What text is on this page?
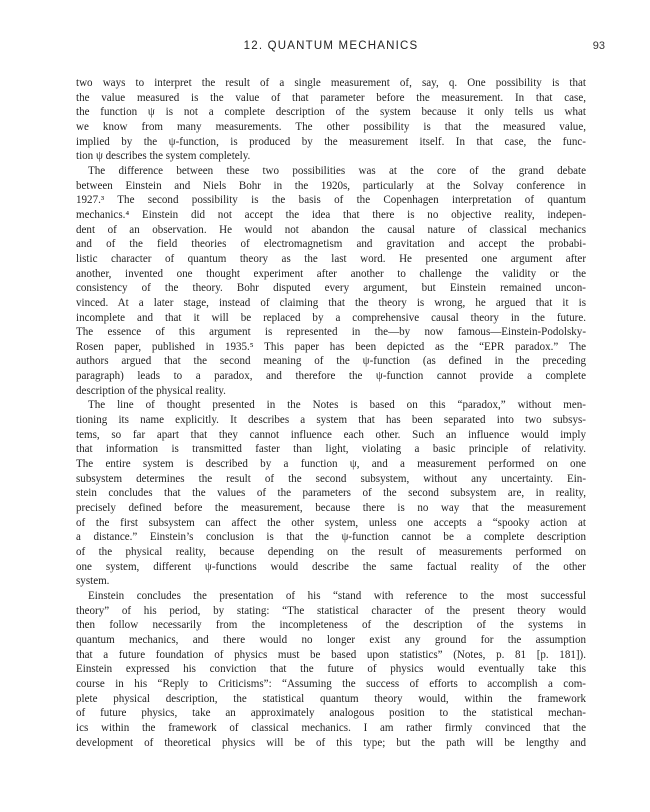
12. QUANTUM MECHANICS	93
two ways to interpret the result of a single measurement of, say, q. One possibility is that
the value measured is the value of that parameter before the measurement. In that case,
the function ψ is not a complete description of the system because it only tells us what
we know from many measurements. The other possibility is that the measured value,
implied by the ψ-function, is produced by the measurement itself. In that case, the func-
tion ψ describes the system completely.
The difference between these two possibilities was at the core of the grand debate
between Einstein and Niels Bohr in the 1920s, particularly at the Solvay conference in
1927.³ The second possibility is the basis of the Copenhagen interpretation of quantum
mechanics.⁴ Einstein did not accept the idea that there is no objective reality, indepen-
dent of an observation. He would not abandon the causal nature of classical mechanics
and of the field theories of electromagnetism and gravitation and accept the probabi-
listic character of quantum theory as the last word. He presented one argument after
another, invented one thought experiment after another to challenge the validity or the
consistency of the theory. Bohr disputed every argument, but Einstein remained uncon-
vinced. At a later stage, instead of claiming that the theory is wrong, he argued that it is
incomplete and that it will be replaced by a comprehensive causal theory in the future.
The essence of this argument is represented in the—by now famous—Einstein-Podolsky-
Rosen paper, published in 1935.⁵ This paper has been depicted as the “EPR paradox.” The
authors argued that the second meaning of the ψ-function (as defined in the preceding
paragraph) leads to a paradox, and therefore the ψ-function cannot provide a complete
description of the physical reality.
The line of thought presented in the Notes is based on this “paradox,” without men-
tioning its name explicitly. It describes a system that has been separated into two subsys-
tems, so far apart that they cannot influence each other. Such an influence would imply
that information is transmitted faster than light, violating a basic principle of relativity.
The entire system is described by a function ψ, and a measurement performed on one
subsystem determines the result of the second subsystem, without any uncertainty. Ein-
stein concludes that the values of the parameters of the second subsystem are, in reality,
precisely defined before the measurement, because there is no way that the measurement
of the first subsystem can affect the other system, unless one accepts a “spooky action at
a distance.” Einstein’s conclusion is that the ψ-function cannot be a complete description
of the physical reality, because depending on the result of measurements performed on
one system, different ψ-functions would describe the same factual reality of the other
system.
Einstein concludes the presentation of his “stand with reference to the most successful
theory” of his period, by stating: “The statistical character of the present theory would
then follow necessarily from the incompleteness of the description of the systems in
quantum mechanics, and there would no longer exist any ground for the assumption
that a future foundation of physics must be based upon statistics” (Notes, p. 81 [p. 181]).
Einstein expressed his conviction that the future of physics would eventually take this
course in his “Reply to Criticisms”: “Assuming the success of efforts to accomplish a com-
plete physical description, the statistical quantum theory would, within the framework
of future physics, take an approximately analogous position to the statistical mechan-
ics within the framework of classical mechanics. I am rather firmly convinced that the
development of theoretical physics will be of this type; but the path will be lengthy and
